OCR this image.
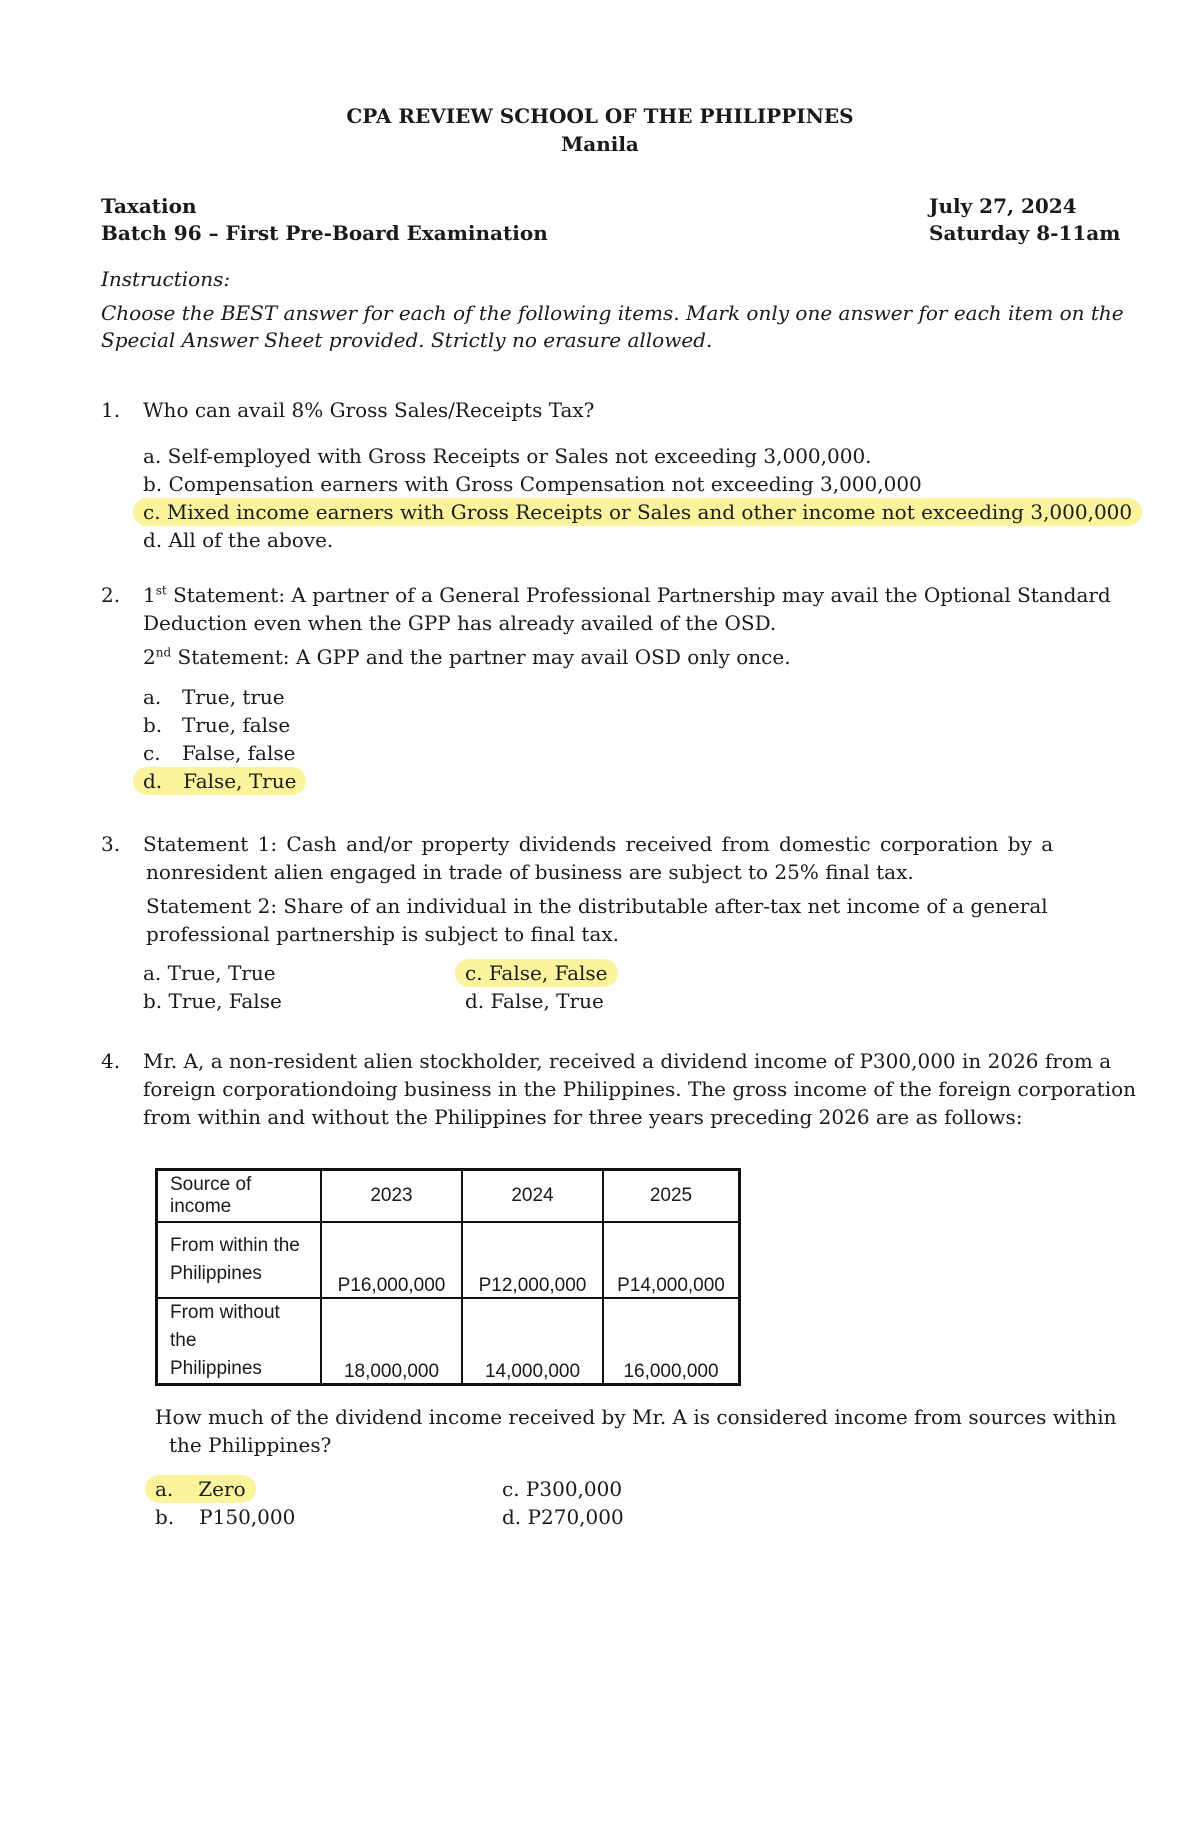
CPA REVIEW SCHOOL OF THE PHILIPPINES
Manila
Taxation	July 27, 2024
Batch 96 – First Pre-Board Examination	Saturday 8-11am
Instructions:
Choose the BEST answer for each of the following items. Mark only one answer for each item on the
Special Answer Sheet provided. Strictly no erasure allowed.
1. Who can avail 8% Gross Sales/Receipts Tax?
a. Self-employed with Gross Receipts or Sales not exceeding 3,000,000.
b. Compensation earners with Gross Compensation not exceeding 3,000,000
c. Mixed income earners with Gross Receipts or Sales and other income not exceeding 3,000,000
d. All of the above.
2. 1st Statement: A partner of a General Professional Partnership may avail the Optional Standard
Deduction even when the GPP has already availed of the OSD.
2nd Statement: A GPP and the partner may avail OSD only once.
a. True, true
b. True, false
c. False, false
d. False, True
3. Statement 1: Cash and/or property dividends received from domestic corporation by a
nonresident alien engaged in trade of business are subject to 25% final tax.
Statement 2: Share of an individual in the distributable after-tax net income of a general
professional partnership is subject to final tax.
a. True, True	c. False, False
b. True, False	d. False, True
4. Mr. A, a non-resident alien stockholder, received a dividend income of P300,000 in 2026 from a
foreign corporationdoing business in the Philippines. The gross income of the foreign corporation
from within and without the Philippines for three years preceding 2026 are as follows:
Source of income	2023	2024	2025
From within the
Philippines	P16,000,000	P12,000,000	P14,000,000
From without the
Philippines	18,000,000	14,000,000	16,000,000
How much of the dividend income received by Mr. A is considered income from sources within
the Philippines?
a. Zero	c. P300,000
b. P150,000	d. P270,000
